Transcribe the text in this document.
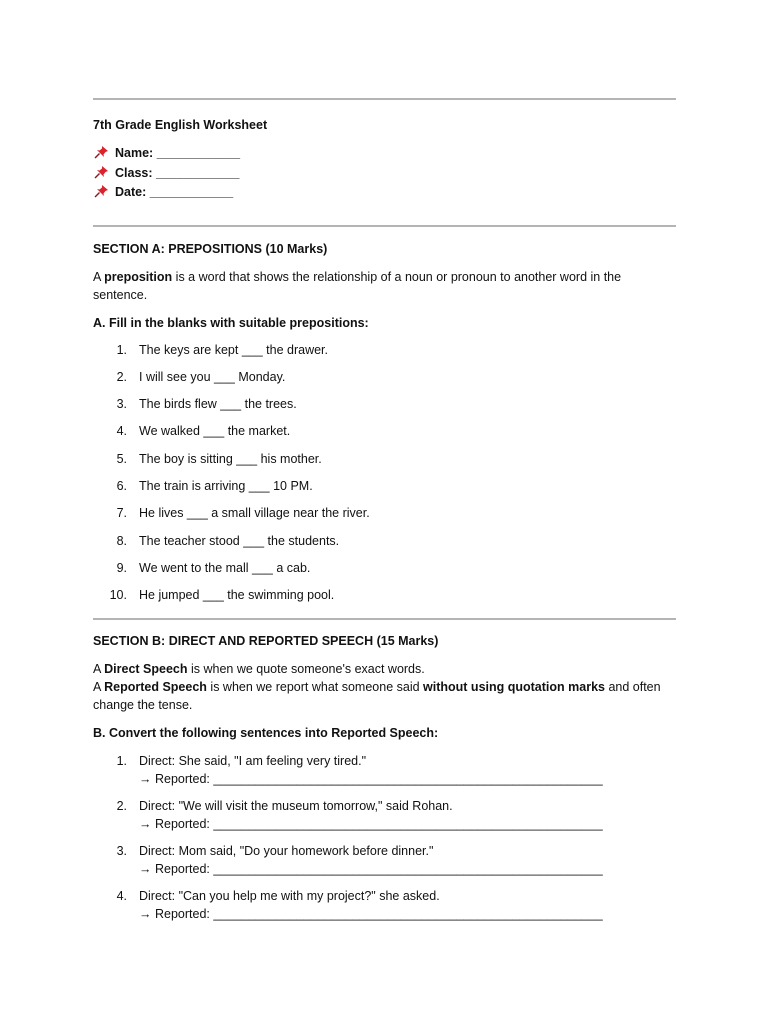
7th Grade English Worksheet
Name: ____________
Class: ____________
Date: ____________
SECTION A: PREPOSITIONS (10 Marks)

A preposition is a word that shows the relationship of a noun or pronoun to another word in the sentence.

A. Fill in the blanks with suitable prepositions:

1. The keys are kept ___ the drawer.
2. I will see you ___ Monday.
3. The birds flew ___ the trees.
4. We walked ___ the market.
5. The boy is sitting ___ his mother.
6. The train is arriving ___ 10 PM.
7. He lives ___ a small village near the river.
8. The teacher stood ___ the students.
9. We went to the mall ___ a cab.
10. He jumped ___ the swimming pool.
SECTION B: DIRECT AND REPORTED SPEECH (15 Marks)

A Direct Speech is when we quote someone's exact words.

A Reported Speech is when we report what someone said without using quotation marks and often change the tense.

B. Convert the following sentences into Reported Speech:

1. Direct: She said, "I am feeling very tired."
→ Reported: ________________________________________________________
2. Direct: "We will visit the museum tomorrow," said Rohan.
→ Reported: ________________________________________________________
3. Direct: Mom said, "Do your homework before dinner."
→ Reported: ________________________________________________________
4. Direct: "Can you help me with my project?" she asked.
→ Reported: ________________________________________________________
